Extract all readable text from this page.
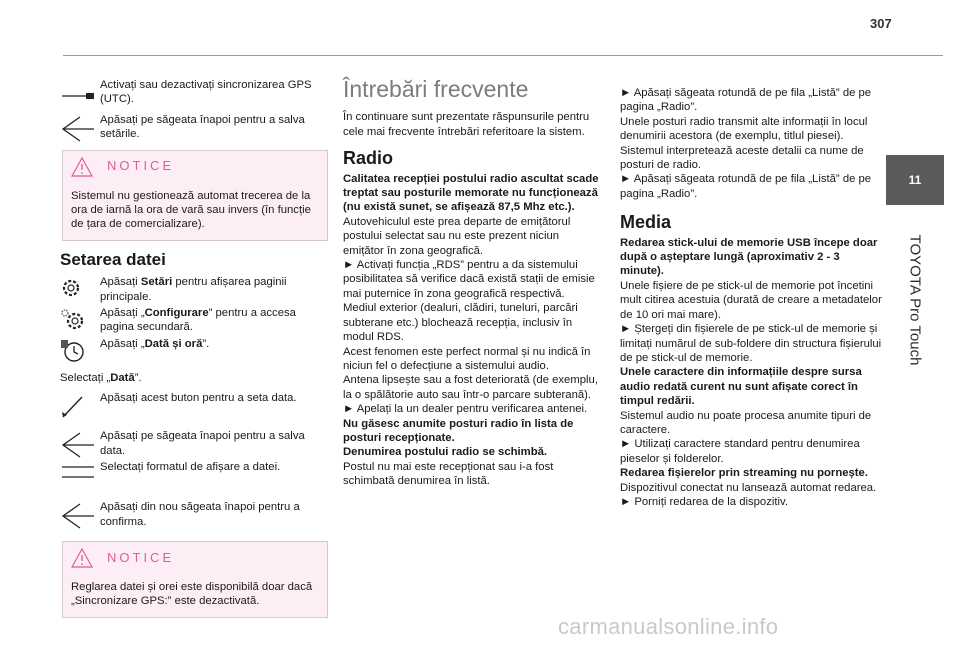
307
11
TOYOTA Pro Touch
Activați sau dezactivați sincronizarea GPS (UTC).
Apăsați pe săgeata înapoi pentru a salva setările.
NOTICE

Sistemul nu gestionează automat trecerea de la ora de iarnă la ora de vară sau invers (în funcție de țara de comercializare).

Setarea datei
Apăsați Setări pentru afișarea paginii principale.
Apăsați „Configurare” pentru a accesa pagina secundară.
Apăsați „Dată și oră”.

Selectați „Dată”.

Apăsați acest buton pentru a seta data.
Apăsați pe săgeata înapoi pentru a salva data.
Selectați formatul de afișare a datei.
Apăsați din nou săgeata înapoi pentru a confirma.
NOTICE

Reglarea datei și orei este disponibilă doar dacă „Sincronizare GPS:” este dezactivată.

Întrebări frecvente

În continuare sunt prezentate răspunsurile pentru cele mai frecvente întrebări referitoare la sistem.

Radio

Calitatea recepției postului radio ascultat scade treptat sau posturile memorate nu funcționează (nu există sunet, se afișează 87,5 Mhz etc.).

Autovehiculul este prea departe de emițătorul postului selectat sau nu este prezent niciun emițător în zona geografică.

► Activați funcția „RDS” pentru a da sistemului posibilitatea să verifice dacă există stații de emisie mai puternice în zona geografică respectivă.

Mediul exterior (dealuri, clădiri, tuneluri, parcări subterane etc.) blochează recepția, inclusiv în modul RDS.

Acest fenomen este perfect normal și nu indică în niciun fel o defecțiune a sistemului audio.

Antena lipsește sau a fost deteriorată (de exemplu, la o spălătorie auto sau într-o parcare subterană).

► Apelați la un dealer pentru verificarea antenei.

Nu găsesc anumite posturi radio în lista de posturi recepționate.

Denumirea postului radio se schimbă.

Postul nu mai este recepționat sau i-a fost schimbată denumirea în listă.

► Apăsați săgeata rotundă de pe fila „Listă” de pe pagina „Radio”.

Unele posturi radio transmit alte informații în locul denumirii acestora (de exemplu, titlul piesei).

Sistemul interpretează aceste detalii ca nume de posturi de radio.

► Apăsați săgeata rotundă de pe fila „Listă” de pe pagina „Radio”.

Media

Redarea stick-ului de memorie USB începe doar după o așteptare lungă (aproximativ 2 - 3 minute).

Unele fișiere de pe stick-ul de memorie pot încetini mult citirea acestuia (durată de creare a metadatelor de 10 ori mai mare).

► Ștergeți din fișierele de pe stick-ul de memorie și limitați numărul de sub-foldere din structura fișierului de pe stick-ul de memorie.

Unele caractere din informațiile despre sursa audio redată curent nu sunt afișate corect în timpul redării.

Sistemul audio nu poate procesa anumite tipuri de caractere.

► Utilizați caractere standard pentru denumirea pieselor și folderelor.

Redarea fișierelor prin streaming nu pornește.

Dispozitivul conectat nu lansează automat redarea.

► Porniți redarea de la dispozitiv.

carmanualsonline.info
